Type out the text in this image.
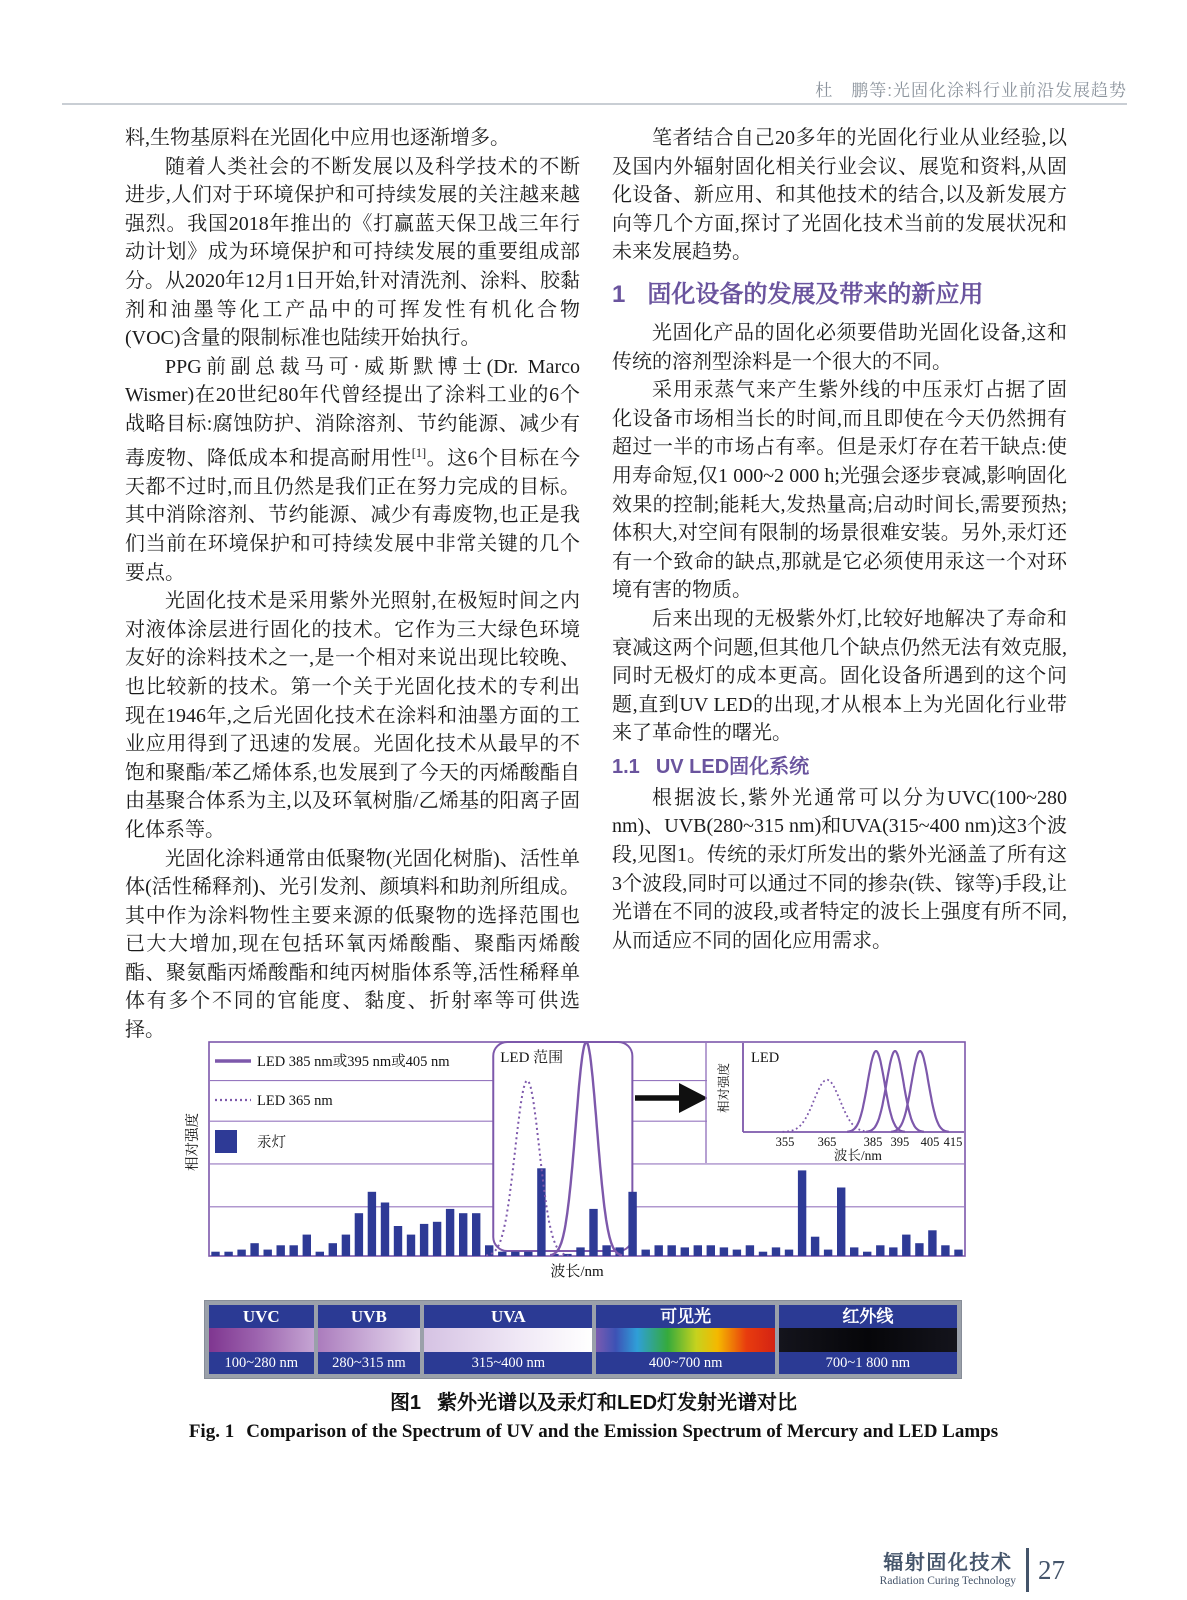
杜　鹏等:光固化涂料行业前沿发展趋势

料,生物基原料在光固化中应用也逐渐增多。

随着人类社会的不断发展以及科学技术的不断进步,人们对于环境保护和可持续发展的关注越来越强烈。我国2018年推出的《打赢蓝天保卫战三年行动计划》成为环境保护和可持续发展的重要组成部分。从2020年12月1日开始,针对清洗剂、涂料、胶黏剂和油墨等化工产品中的可挥发性有机化合物(VOC)含量的限制标准也陆续开始执行。

PPG前副总裁马可·威斯默博士(Dr. Marco Wismer)在20世纪80年代曾经提出了涂料工业的6个战略目标:腐蚀防护、消除溶剂、节约能源、减少有毒废物、降低成本和提高耐用性[1]。这6个目标在今天都不过时,而且仍然是我们正在努力完成的目标。其中消除溶剂、节约能源、减少有毒废物,也正是我们当前在环境保护和可持续发展中非常关键的几个要点。

光固化技术是采用紫外光照射,在极短时间之内对液体涂层进行固化的技术。它作为三大绿色环境友好的涂料技术之一,是一个相对来说出现比较晚、也比较新的技术。第一个关于光固化技术的专利出现在1946年,之后光固化技术在涂料和油墨方面的工业应用得到了迅速的发展。光固化技术从最早的不饱和聚酯/苯乙烯体系,也发展到了今天的丙烯酸酯自由基聚合体系为主,以及环氧树脂/乙烯基的阳离子固化体系等。

光固化涂料通常由低聚物(光固化树脂)、活性单体(活性稀释剂)、光引发剂、颜填料和助剂所组成。其中作为涂料物性主要来源的低聚物的选择范围也已大大增加,现在包括环氧丙烯酸酯、聚酯丙烯酸酯、聚氨酯丙烯酸酯和纯丙树脂体系等,活性稀释单体有多个不同的官能度、黏度、折射率等可供选择。

笔者结合自己20多年的光固化行业从业经验,以及国内外辐射固化相关行业会议、展览和资料,从固化设备、新应用、和其他技术的结合,以及新发展方向等几个方面,探讨了光固化技术当前的发展状况和未来发展趋势。

1 固化设备的发展及带来的新应用

光固化产品的固化必须要借助光固化设备,这和传统的溶剂型涂料是一个很大的不同。

采用汞蒸气来产生紫外线的中压汞灯占据了固化设备市场相当长的时间,而且即使在今天仍然拥有超过一半的市场占有率。但是汞灯存在若干缺点:使用寿命短,仅1 000~2 000 h;光强会逐步衰减,影响固化效果的控制;能耗大,发热量高;启动时间长,需要预热;体积大,对空间有限制的场景很难安装。另外,汞灯还有一个致命的缺点,那就是它必须使用汞这一个对环境有害的物质。

后来出现的无极紫外灯,比较好地解决了寿命和衰减这两个问题,但其他几个缺点仍然无法有效克服,同时无极灯的成本更高。固化设备所遇到的这个问题,直到UV LED的出现,才从根本上为光固化行业带来了革命性的曙光。

1.1 UV LED固化系统

根据波长,紫外光通常可以分为UVC(100~280 nm)、UVB(280~315 nm)和UVA(315~400 nm)这3个波段,见图1。传统的汞灯所发出的紫外光涵盖了所有这3个波段,同时可以通过不同的掺杂(铁、镓等)手段,让光谱在不同的波段,或者特定的波长上强度有所不同,从而适应不同的固化应用需求。

LED 范围	LED
相对强度
355 365 385 395 405 415
波长/nm
LED 385 nm或395 nm或405 nm
LED 365 nm
汞灯
相对强度
波长/nm
UVC
100~280 nm
UVB
280~315 nm
UVA
315~400 nm
可见光
400~700 nm
红外线
700~1 800 nm
图1 紫外光谱以及汞灯和LED灯发射光谱对比
Fig. 1 Comparison of the Spectrum of UV and the Emission Spectrum of Mercury and LED Lamps
辐射固化技术
Radiation Curing Technology 27
